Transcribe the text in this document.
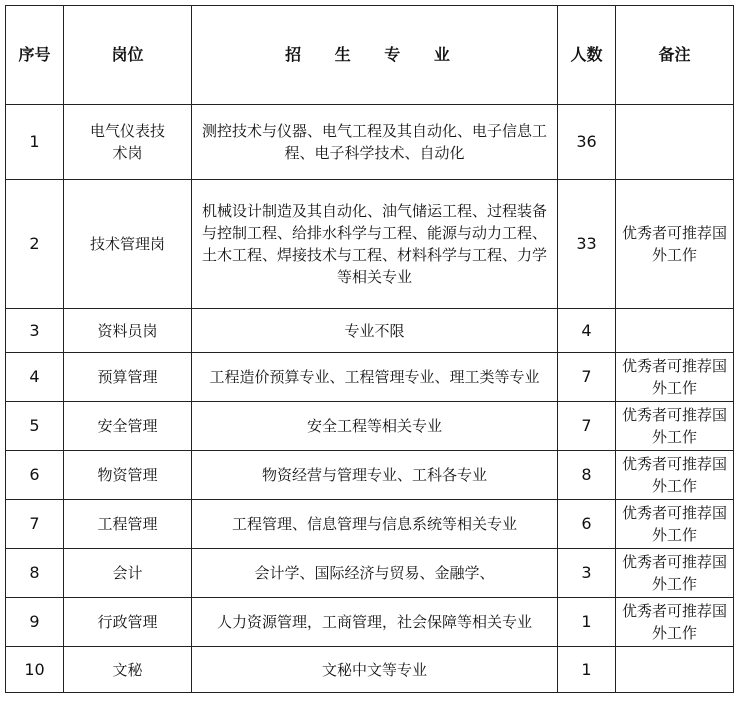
序号	岗位	招 生 专 业	人数	备注
1	电气仪表技术岗	测控技术与仪器、电气工程及其自动化、电子信息工程、电子科学技术、自动化	36	
2	技术管理岗	机械设计制造及其自动化、油气储运工程、过程装备与控制工程、给排水科学与工程、能源与动力工程、土木工程、焊接技术与工程、材料科学与工程、力学等相关专业	33	优秀者可推荐国外工作
3	资料员岗	专业不限	4	
4	预算管理	工程造价预算专业、工程管理专业、理工类等专业	7	优秀者可推荐国外工作
5	安全管理	安全工程等相关专业	7	优秀者可推荐国外工作
6	物资管理	物资经营与管理专业、工科各专业	8	优秀者可推荐国外工作
7	工程管理	工程管理、信息管理与信息系统等相关专业	6	优秀者可推荐国外工作
8	会计	会计学、国际经济与贸易、金融学、	3	优秀者可推荐国外工作
9	行政管理	人力资源管理，工商管理，社会保障等相关专业	1	优秀者可推荐国外工作
10	文秘	文秘中文等专业	1	
